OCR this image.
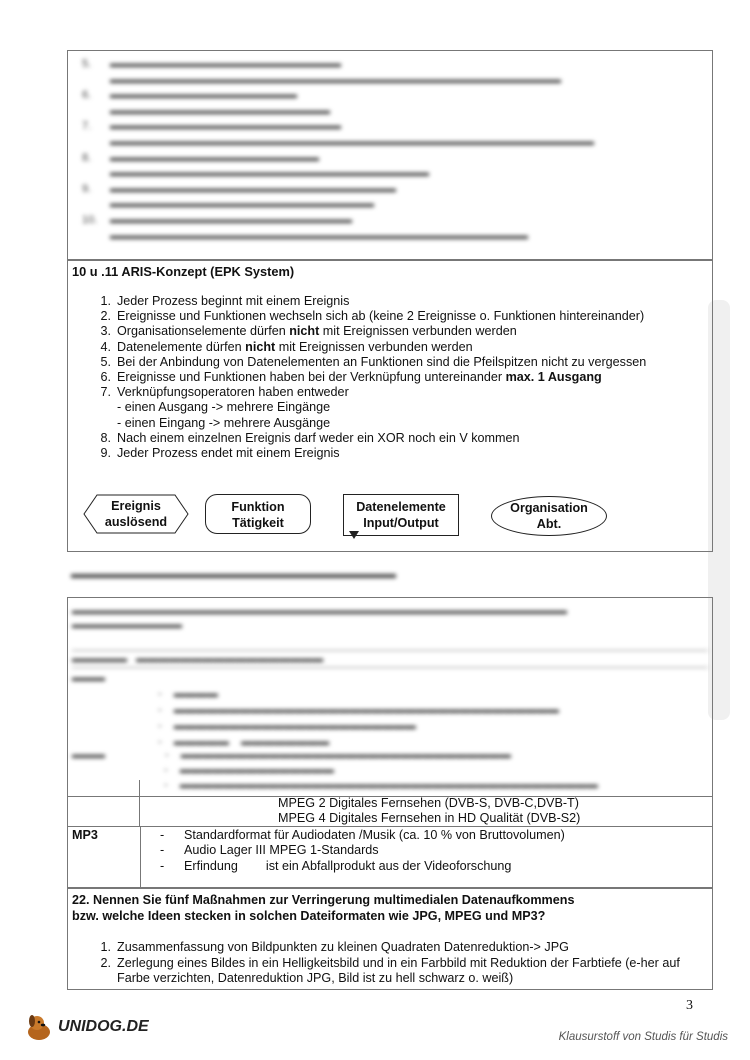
5.	▬▬▬▬▬▬▬▬▬▬▬▬▬▬▬▬▬▬▬▬▬
▬▬▬▬▬▬▬▬▬▬▬▬▬▬▬▬▬▬▬▬▬▬▬▬▬▬▬▬▬▬▬▬▬▬▬▬▬▬▬▬▬
6.	▬▬▬▬▬▬▬▬▬▬▬▬▬▬▬▬▬
▬▬▬▬▬▬▬▬▬▬▬▬▬▬▬▬▬▬▬▬
7.	▬▬▬▬▬▬▬▬▬▬▬▬▬▬▬▬▬▬▬▬▬
▬▬▬▬▬▬▬▬▬▬▬▬▬▬▬▬▬▬▬▬▬▬▬▬▬▬▬▬▬▬▬▬▬▬▬▬▬▬▬▬▬▬▬▬
8.	▬▬▬▬▬▬▬▬▬▬▬▬▬▬▬▬▬▬▬
▬▬▬▬▬▬▬▬▬▬▬▬▬▬▬▬▬▬▬▬▬▬▬▬▬▬▬▬▬
9.	▬▬▬▬▬▬▬▬▬▬▬▬▬▬▬▬▬▬▬▬▬▬▬▬▬▬
▬▬▬▬▬▬▬▬▬▬▬▬▬▬▬▬▬▬▬▬▬▬▬▬
10.	▬▬▬▬▬▬▬▬▬▬▬▬▬▬▬▬▬▬▬▬▬▬
▬▬▬▬▬▬▬▬▬▬▬▬▬▬▬▬▬▬▬▬▬▬▬▬▬▬▬▬▬▬▬▬▬▬▬▬▬▬
10 u .11 ARIS-Konzept (EPK System)
1. Jeder Prozess beginnt mit einem Ereignis
2. Ereignisse und Funktionen wechseln sich ab (keine 2 Ereignisse o. Funktionen hintereinander)
3. Organisationselemente dürfen nicht mit Ereignissen verbunden werden
4. Datenelemente dürfen nicht mit Ereignissen verbunden werden
5. Bei der Anbindung von Datenelementen an Funktionen sind die Pfeilspitzen nicht zu vergessen
6. Ereignisse und Funktionen haben bei der Verknüpfung untereinander max. 1 Ausgang
7. Verknüpfungsoperatoren haben entweder
- einen Ausgang -> mehrere Eingänge
- einen Eingang -> mehrere Ausgänge
8. Nach einem einzelnen Ereignis darf weder ein XOR noch ein V kommen
9. Jeder Prozess endet mit einem Ereignis
Ereignis
auslösend
Funktion
Tätigkeit
Datenelemente
Input/Output
Organisation
Abt.
▬▬▬▬▬▬▬▬▬▬▬▬▬▬▬▬▬▬▬▬▬▬▬▬▬
▬▬▬▬▬▬▬▬▬▬▬▬▬▬▬▬▬▬▬▬▬▬▬▬▬▬▬▬▬▬▬▬▬▬▬▬▬▬▬▬▬▬▬▬▬
▬▬▬▬▬▬▬▬▬▬
▬▬▬▬▬   ▬▬▬▬▬▬▬▬▬▬▬▬▬▬▬▬▬
▬▬▬
-    ▬▬▬▬
-    ▬▬▬▬▬▬▬▬▬▬▬▬▬▬▬▬▬▬▬▬▬▬▬▬▬▬▬▬▬▬▬▬▬▬▬
-    ▬▬▬▬▬▬▬▬▬▬▬▬▬▬▬▬▬▬▬▬▬▬
-    ▬▬▬▬▬    ▬▬▬▬▬▬▬▬
▬▬▬	-    ▬▬▬▬▬▬▬▬▬▬▬▬▬▬▬▬▬▬▬▬▬▬▬▬▬▬▬▬▬▬
-    ▬▬▬▬▬▬▬▬▬▬▬▬▬▬
-    ▬▬▬▬▬▬▬▬▬▬▬▬▬▬▬▬▬▬▬▬▬▬▬▬▬▬▬▬▬▬▬▬▬▬▬▬▬▬
MPEG 2 Digitales Fernsehen (DVB-S, DVB-C,DVB-T)
MPEG 4 Digitales Fernsehen in HD Qualität (DVB-S2)
MP3	- Standardformat für Audiodaten /Musik (ca. 10 % von Bruttovolumen)
- Audio Lager III MPEG 1-Standards
- Erfindung        ist ein Abfallprodukt aus der Videoforschung
22. Nennen Sie fünf Maßnahmen zur Verringerung multimedialen Datenaufkommens
bzw. welche Ideen stecken in solchen Dateiformaten wie JPG, MPEG und MP3?
1. Zusammenfassung von Bildpunkten zu kleinen Quadraten Datenreduktion-> JPG
2. Zerlegung eines Bildes in ein Helligkeitsbild und in ein Farbbild mit Reduktion der Farbtiefe (e-her auf Farbe verzichten, Datenreduktion JPG, Bild ist zu hell schwarz o. weiß)
3
UNIDOG.DE
Klausurstoff von Studis für Studis
